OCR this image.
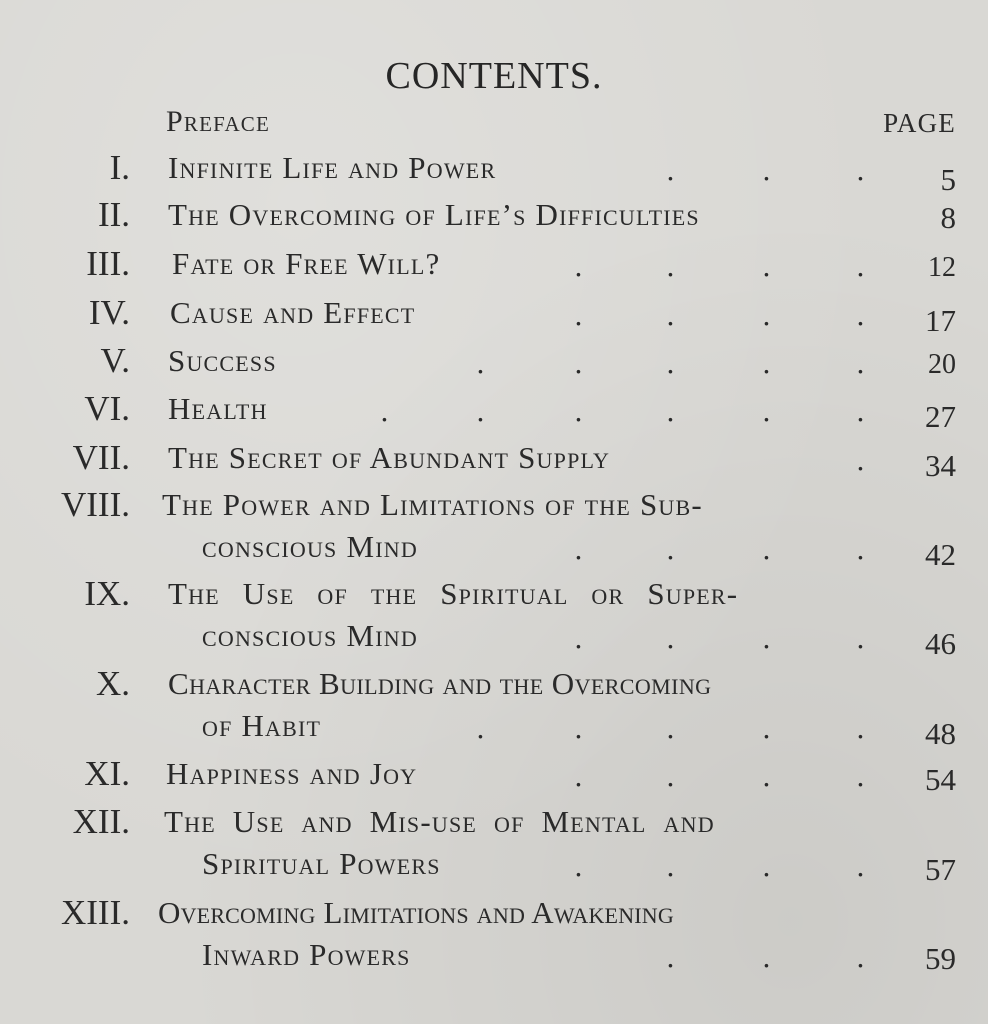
CONTENTS.
Preface	PAGE
I. Infinite Life and Power	.	.	. 5
II. The Overcoming of Life’s Difficulties	8
III. Fate or Free Will?	.	.	.	. 12
IV. Cause and Effect	.	.	.	. 17
V. Success	.	.	.	.	. 20
VI. Health	.	.	.	.	.	. 27
VII. The Secret of Abundant Supply	. 34
VIII. The Power and Limitations of the Sub-
conscious Mind	.	.	.	. 42
IX. The Use of the Spiritual or Super-
conscious Mind	.	.	.	. 46
X. Character Building and the Overcoming
of Habit	.	.	.	.	. 48
XI. Happiness and Joy	.	.	.	. 54
XII. The Use and Mis-use of Mental and
Spiritual Powers	.	.	.	. 57
XIII. Overcoming Limitations and Awakening
Inward Powers	.	.	. 59
